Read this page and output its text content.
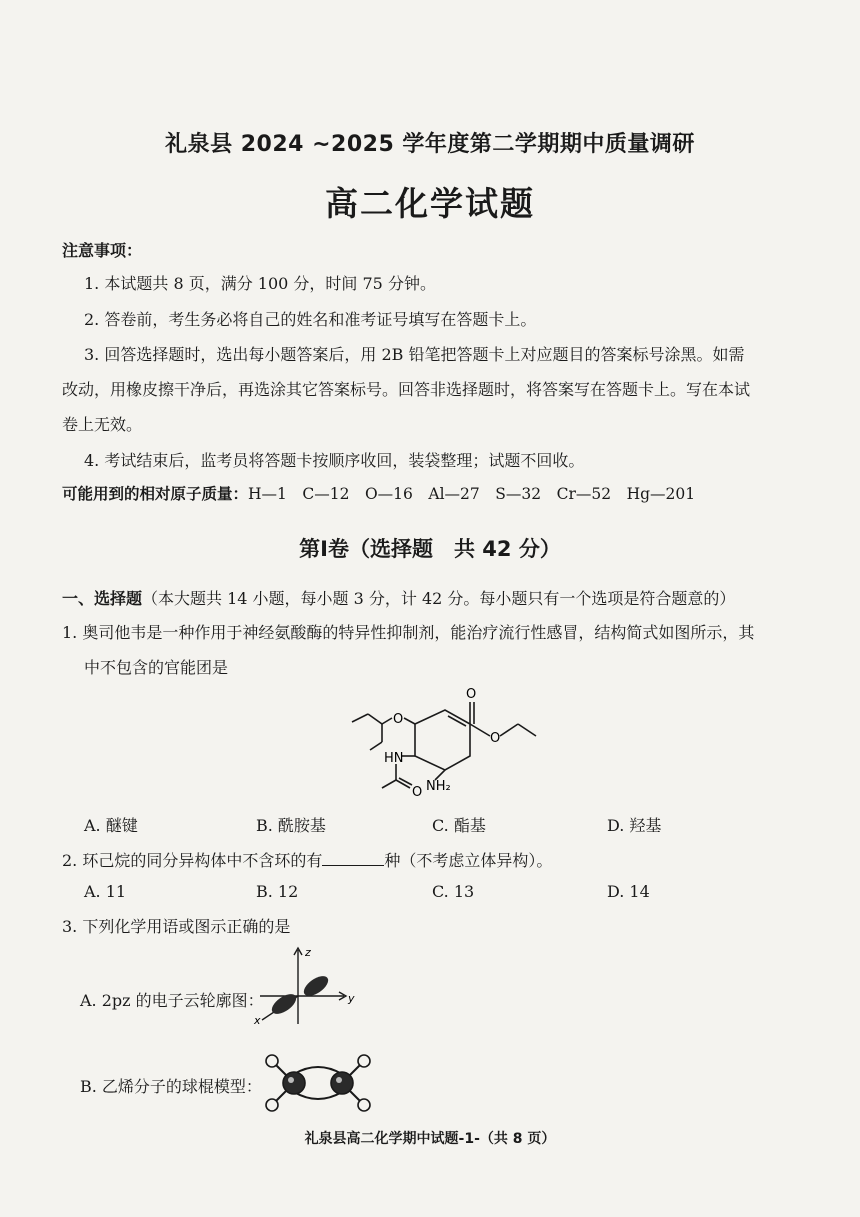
礼泉县 2024 ~2025 学年度第二学期期中质量调研
高二化学试题
注意事项：
1. 本试题共 8 页，满分 100 分，时间 75 分钟。
2. 答卷前，考生务必将自己的姓名和准考证号填写在答题卡上。
3. 回答选择题时，选出每小题答案后，用 2B 铅笔把答题卡上对应题目的答案标号涂黑。如需
改动，用橡皮擦干净后，再选涂其它答案标号。回答非选择题时，将答案写在答题卡上。写在本试
卷上无效。
4. 考试结束后，监考员将答题卡按顺序收回，装袋整理；试题不回收。
可能用到的相对原子质量：H—1　C—12　O—16　Al—27　S—32　Cr—52　Hg—201
第Ⅰ卷（选择题　共 42 分）
一、选择题（本大题共 14 小题，每小题 3 分，计 42 分。每小题只有一个选项是符合题意的）
1. 奥司他韦是一种作用于神经氨酸酶的特异性抑制剂，能治疗流行性感冒，结构简式如图所示，其
中不包含的官能团是
O
O
O
HN
NH₂
O
A. 醚键	B. 酰胺基	C. 酯基	D. 羟基
2. 环己烷的同分异构体中不含环的有	种（不考虑立体异构）。
A. 11	B. 12	C. 13	D. 14
3. 下列化学用语或图示正确的是
A. 2pz 的电子云轮廓图：
z
y
x
B. 乙烯分子的球棍模型：
礼泉县高二化学期中试题-1-（共 8 页）
